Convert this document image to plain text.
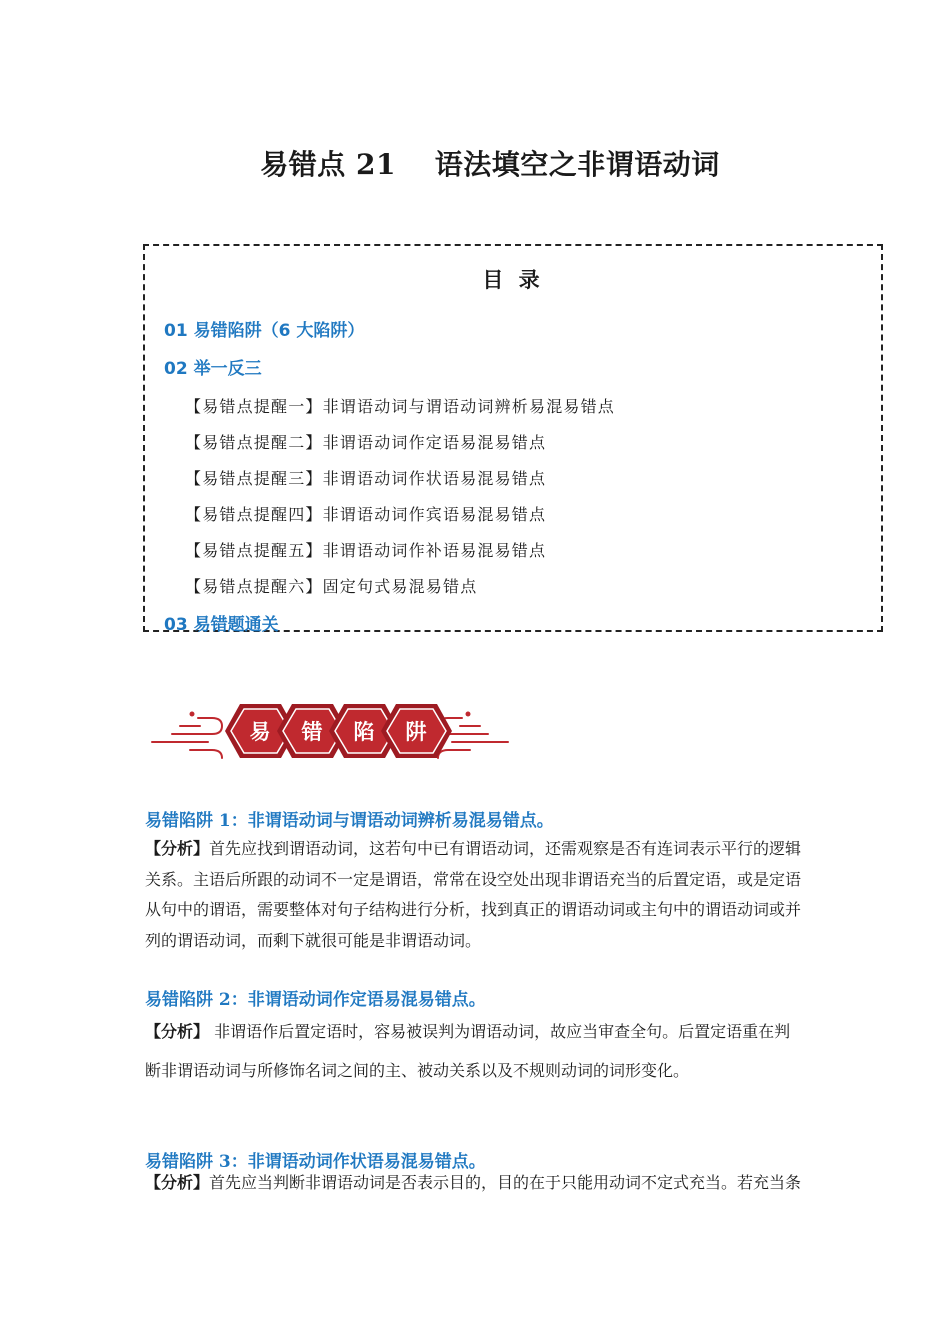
易错点 21　 语法填空之非谓语动词
目 录
01 易错陷阱（6 大陷阱）
02 举一反三
【易错点提醒一】非谓语动词与谓语动词辨析易混易错点
【易错点提醒二】非谓语动词作定语易混易错点
【易错点提醒三】非谓语动词作状语易混易错点
【易错点提醒四】非谓语动词作宾语易混易错点
【易错点提醒五】非谓语动词作补语易混易错点
【易错点提醒六】固定句式易混易错点
03 易错题通关
易 错 陷 阱
易错陷阱 1：非谓语动词与谓语动词辨析易混易错点。

【分析】首先应找到谓语动词，这若句中已有谓语动词，还需观察是否有连词表示平行的逻辑

关系。主语后所跟的动词不一定是谓语，常常在设空处出现非谓语充当的后置定语，或是定语

从句中的谓语，需要整体对句子结构进行分析，找到真正的谓语动词或主句中的谓语动词或并

列的谓语动词，而剩下就很可能是非谓语动词。

易错陷阱 2：非谓语动词作定语易混易错点。

【分析】 非谓语作后置定语时，容易被误判为谓语动词，故应当审查全句。后置定语重在判

断非谓语动词与所修饰名词之间的主、被动关系以及不规则动词的词形变化。

易错陷阱 3：非谓语动词作状语易混易错点。

【分析】首先应当判断非谓语动词是否表示目的，目的在于只能用动词不定式充当。若充当条
